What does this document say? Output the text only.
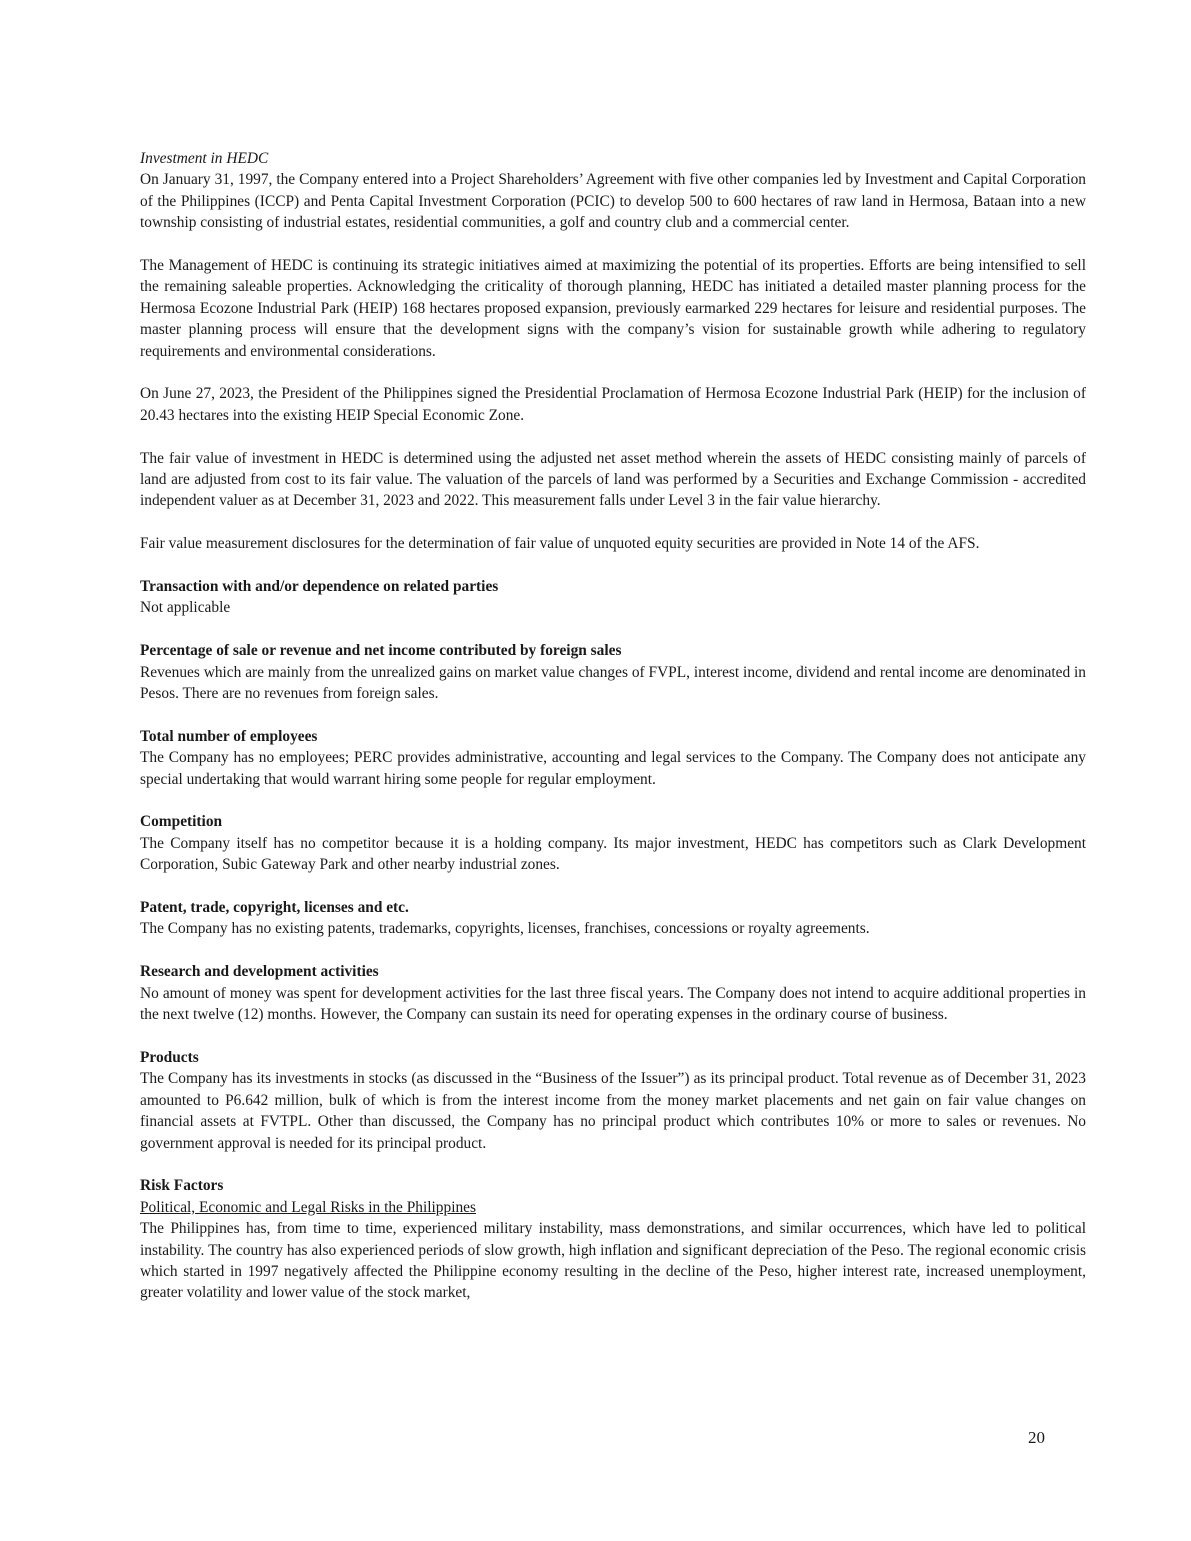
Investment in HEDC

On January 31, 1997, the Company entered into a Project Shareholders’ Agreement with five other companies led by Investment and Capital Corporation of the Philippines (ICCP) and Penta Capital Investment Corporation (PCIC) to develop 500 to 600 hectares of raw land in Hermosa, Bataan into a new township consisting of industrial estates, residential communities, a golf and country club and a commercial center.

The Management of HEDC is continuing its strategic initiatives aimed at maximizing the potential of its properties. Efforts are being intensified to sell the remaining saleable properties. Acknowledging the criticality of thorough planning, HEDC has initiated a detailed master planning process for the Hermosa Ecozone Industrial Park (HEIP) 168 hectares proposed expansion, previously earmarked 229 hectares for leisure and residential purposes. The master planning process will ensure that the development signs with the company’s vision for sustainable growth while adhering to regulatory requirements and environmental considerations.

On June 27, 2023, the President of the Philippines signed the Presidential Proclamation of Hermosa Ecozone Industrial Park (HEIP) for the inclusion of 20.43 hectares into the existing HEIP Special Economic Zone.

The fair value of investment in HEDC is determined using the adjusted net asset method wherein the assets of HEDC consisting mainly of parcels of land are adjusted from cost to its fair value. The valuation of the parcels of land was performed by a Securities and Exchange Commission - accredited independent valuer as at December 31, 2023 and 2022. This measurement falls under Level 3 in the fair value hierarchy.

Fair value measurement disclosures for the determination of fair value of unquoted equity securities are provided in Note 14 of the AFS.

Transaction with and/or dependence on related parties

Not applicable

Percentage of sale or revenue and net income contributed by foreign sales

Revenues which are mainly from the unrealized gains on market value changes of FVPL, interest income, dividend and rental income are denominated in Pesos. There are no revenues from foreign sales.

Total number of employees

The Company has no employees; PERC provides administrative, accounting and legal services to the Company. The Company does not anticipate any special undertaking that would warrant hiring some people for regular employment.

Competition

The Company itself has no competitor because it is a holding company. Its major investment, HEDC has competitors such as Clark Development Corporation, Subic Gateway Park and other nearby industrial zones.

Patent, trade, copyright, licenses and etc.

The Company has no existing patents, trademarks, copyrights, licenses, franchises, concessions or royalty agreements.

Research and development activities

No amount of money was spent for development activities for the last three fiscal years. The Company does not intend to acquire additional properties in the next twelve (12) months. However, the Company can sustain its need for operating expenses in the ordinary course of business.

Products

The Company has its investments in stocks (as discussed in the “Business of the Issuer”) as its principal product. Total revenue as of December 31, 2023 amounted to P6.642 million, bulk of which is from the interest income from the money market placements and net gain on fair value changes on financial assets at FVTPL. Other than discussed, the Company has no principal product which contributes 10% or more to sales or revenues. No government approval is needed for its principal product.

Risk Factors

Political, Economic and Legal Risks in the Philippines

The Philippines has, from time to time, experienced military instability, mass demonstrations, and similar occurrences, which have led to political instability. The country has also experienced periods of slow growth, high inflation and significant depreciation of the Peso. The regional economic crisis which started in 1997 negatively affected the Philippine economy resulting in the decline of the Peso, higher interest rate, increased unemployment, greater volatility and lower value of the stock market,

20
